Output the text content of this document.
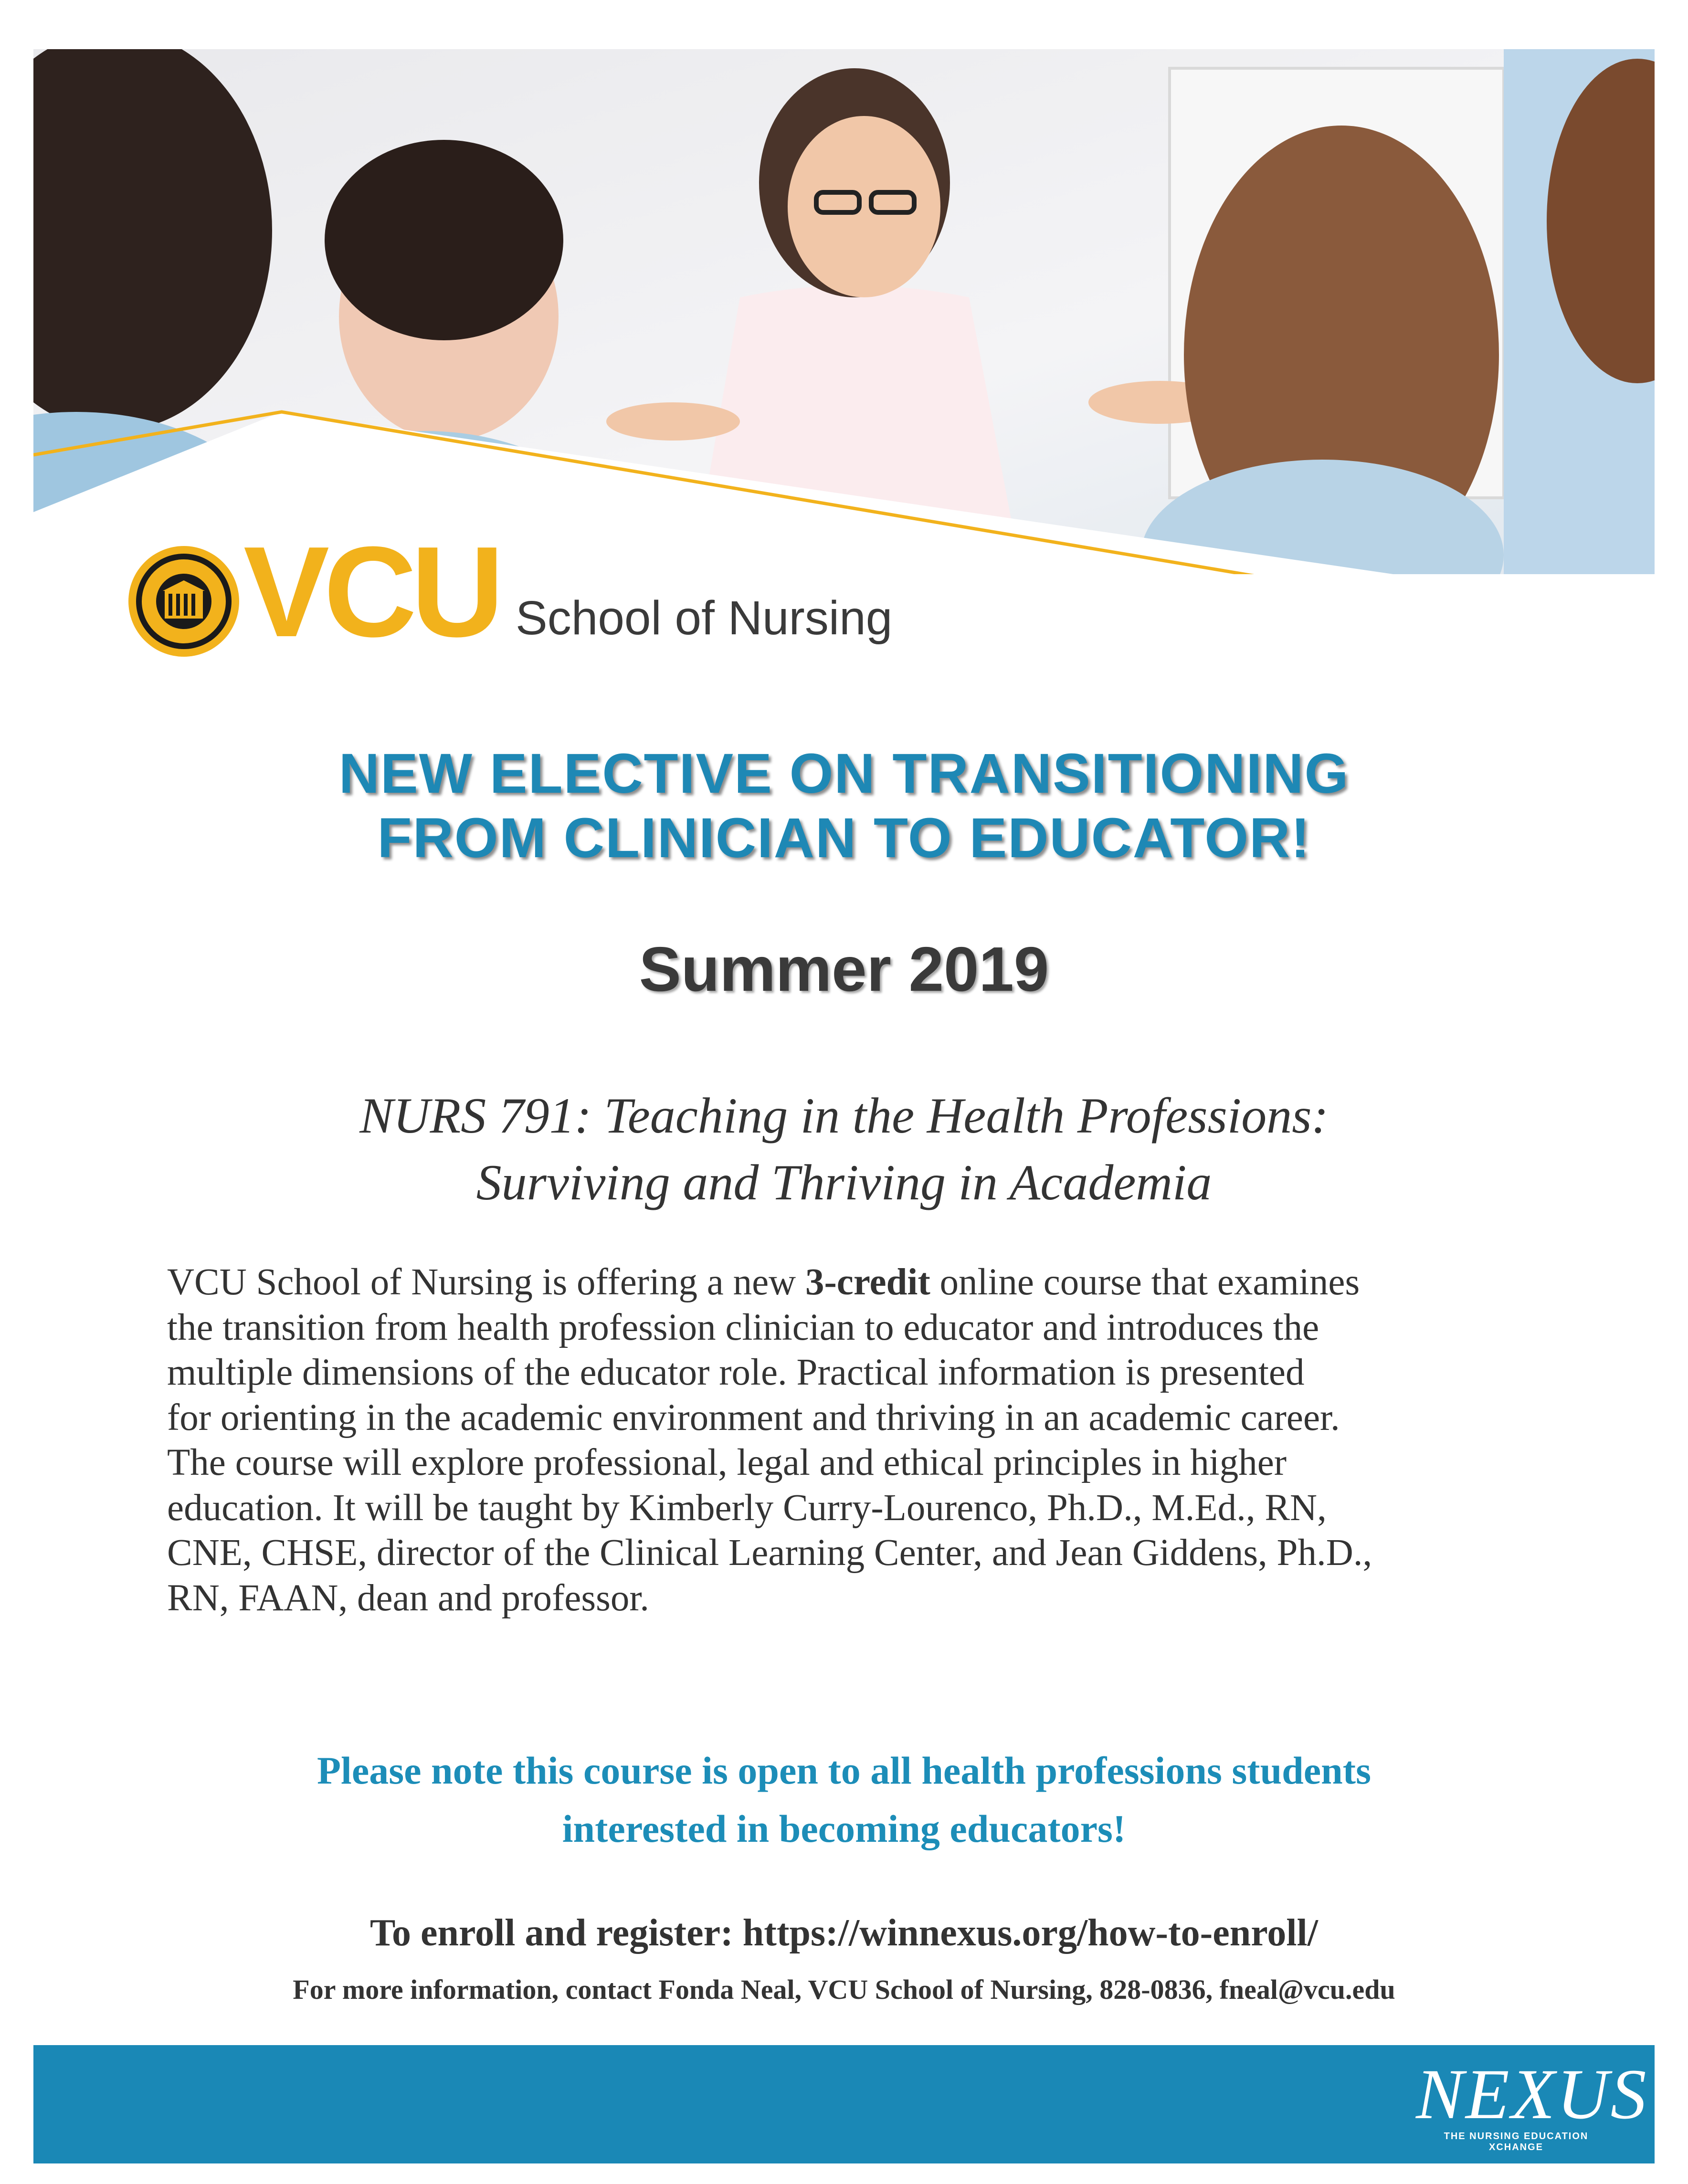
VCU School of Nursing
NEW ELECTIVE ON TRANSITIONING
FROM CLINICIAN TO EDUCATOR!
Summer 2019
NURS 791: Teaching in the Health Professions:
Surviving and Thriving in Academia

VCU School of Nursing is offering a new 3-credit online course that examines

the transition from health profession clinician to educator and introduces the

multiple dimensions of the educator role. Practical information is presented

for orienting in the academic environment and thriving in an academic career.

The course will explore professional, legal and ethical principles in higher

education. It will be taught by Kimberly Curry-Lourenco, Ph.D., M.Ed., RN,

CNE, CHSE, director of the Clinical Learning Center, and Jean Giddens, Ph.D.,

RN, FAAN, dean and professor.

Please note this course is open to all health professions students
interested in becoming educators!
To enroll and register: https://winnexus.org/how-to-enroll/
For more information, contact Fonda Neal, VCU School of Nursing, 828-0836, fneal@vcu.edu
NEXUS
THE NURSING EDUCATION XCHANGE
